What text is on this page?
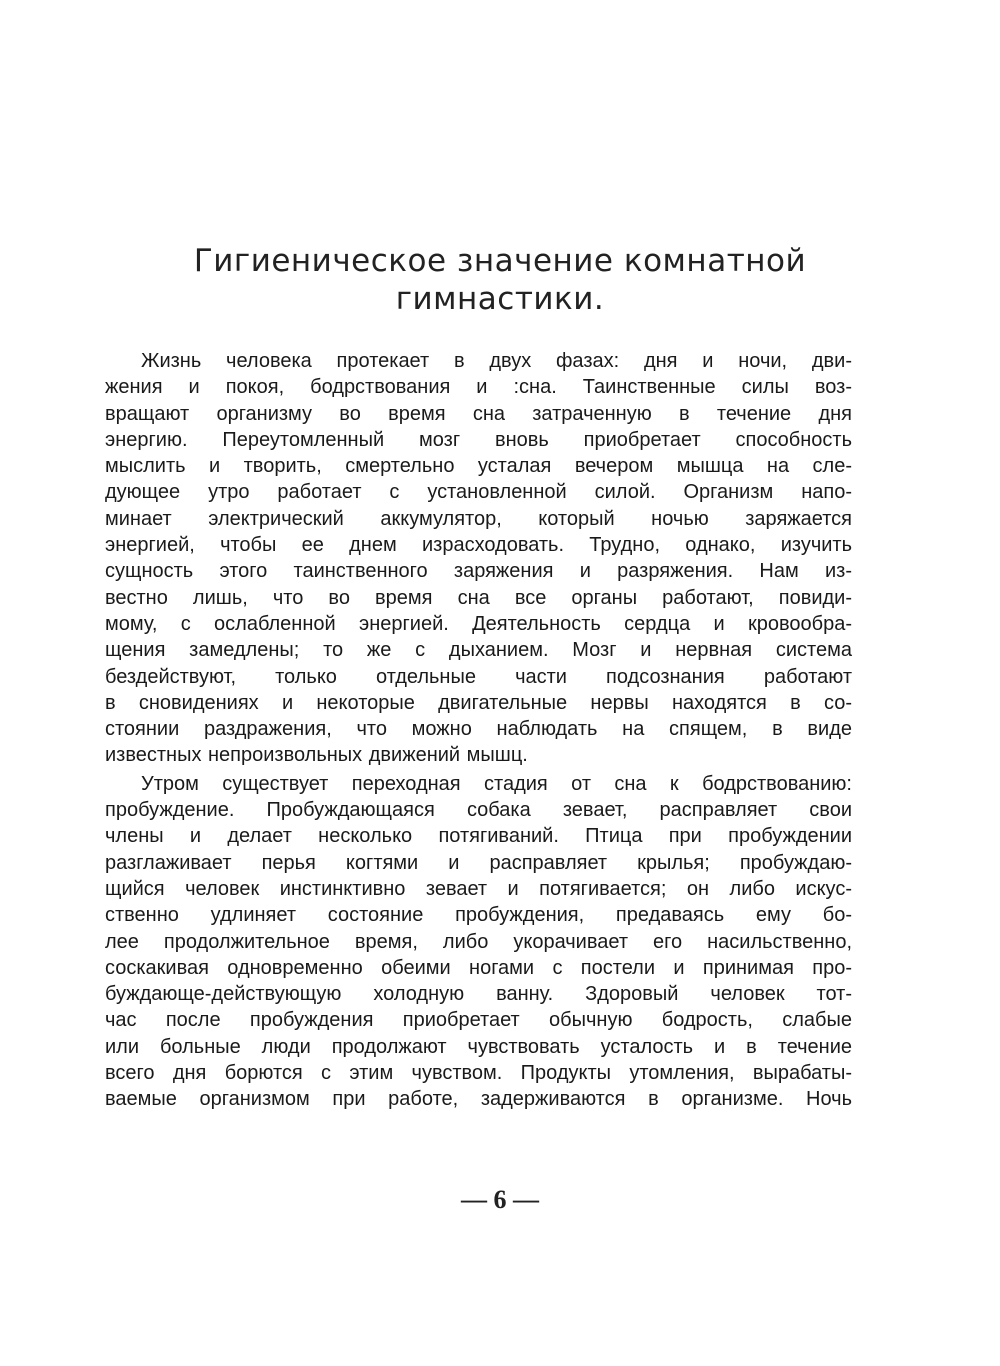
Гигиеническое значение комнатной
гимнастики.
Жизнь человека протекает в двух фазах: дня и ночи, дви-
жения и покоя, бодрствования и :сна. Таинственные силы воз-
вращают организму во время сна затраченную в течение дня
энергию. Переутомленный мозг вновь приобретает способность
мыслить и творить, смертельно усталая вечером мышца на сле-
дующее утро работает с установленной силой. Организм напо-
минает электрический аккумулятор, который ночью заряжается
энергией, чтобы ее днем израсходовать. Трудно, однако, изучить
сущность этого таинственного заряжения и разряжения. Нам из-
вестно лишь, что во время сна все органы работают, повиди-
мому, с ослабленной энергией. Деятельность сердца и кровообра-
щения замедлены; то же с дыханием. Мозг и нервная система
бездействуют, только отдельные части подсознания работают
в сновидениях и некоторые двигательные нервы находятся в со-
стоянии раздражения, что можно наблюдать на спящем, в виде
известных непроизвольных движений мышц.
Утром существует переходная стадия от сна к бодрствованию:
пробуждение. Пробуждающаяся собака зевает, расправляет свои
члены и делает несколько потягиваний. Птица при пробуждении
разглаживает перья когтями и расправляет крылья; пробуждаю-
щийся человек инстинктивно зевает и потягивается; он либо искус-
ственно удлиняет состояние пробуждения, предаваясь ему бо-
лее продолжительное время, либо укорачивает его насильственно,
соскакивая одновременно обеими ногами с постели и принимая про-
буждающе-действующую холодную ванну. Здоровый человек тот-
час после пробуждения приобретает обычную бодрость, слабые
или больные люди продолжают чувствовать усталость и в течение
всего дня борются с этим чувством. Продукты утомления, вырабаты-
ваемые организмом при работе, задерживаются в организме. Ночь
— 6 —
